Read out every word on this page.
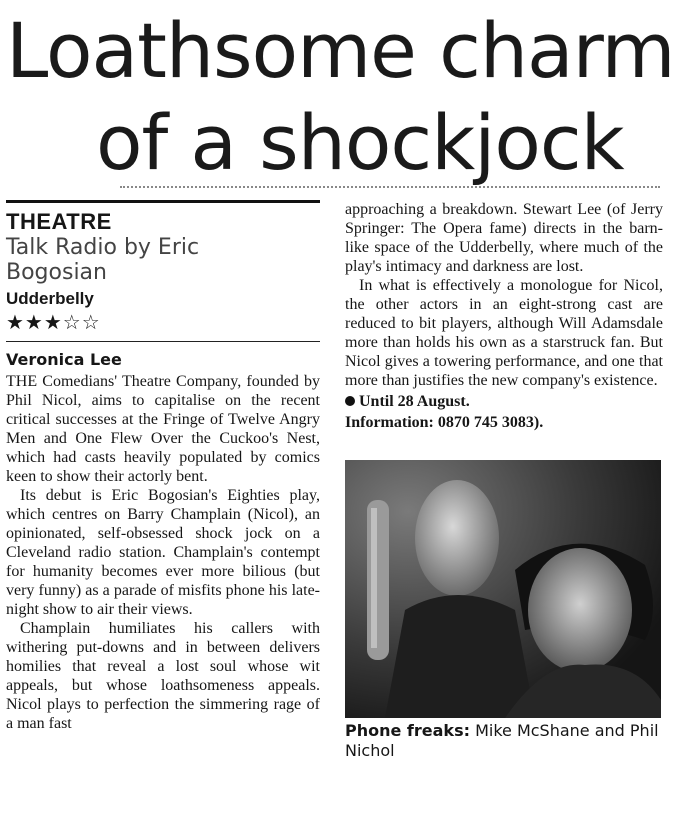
Loathsome charm
of a shockjock
THEATRE
Talk Radio by Eric
Bogosian
Udderbelly
★★★☆☆
Veronica Lee

THE Comedians' Theatre Company, founded by Phil Nicol, aims to capitalise on the recent critical successes at the Fringe of Twelve Angry Men and One Flew Over the Cuckoo's Nest, which had casts heavily populated by comics keen to show their actorly bent.

Its debut is Eric Bogosian's Eighties play, which centres on Barry Champlain (Nicol), an opinionated, self-obsessed shock jock on a Cleveland radio station. Champlain's contempt for humanity becomes ever more bilious (but very funny) as a parade of misfits phone his late-night show to air their views.

Champlain humiliates his callers with withering put-downs and in between delivers homilies that reveal a lost soul whose wit appeals, but whose loathsomeness appeals. Nicol plays to perfection the simmering rage of a man fast

approaching a breakdown. Stewart Lee (of Jerry Springer: The Opera fame) directs in the barn-like space of the Udderbelly, where much of the play's intimacy and darkness are lost.

In what is effectively a monologue for Nicol, the other actors in an eight-strong cast are reduced to bit players, although Will Adamsdale more than holds his own as a starstruck fan. But Nicol gives a towering performance, and one that more than justifies the new company's existence.

Until 28 August.
Information: 0870 745 3083).
Phone freaks: Mike McShane and Phil Nichol
